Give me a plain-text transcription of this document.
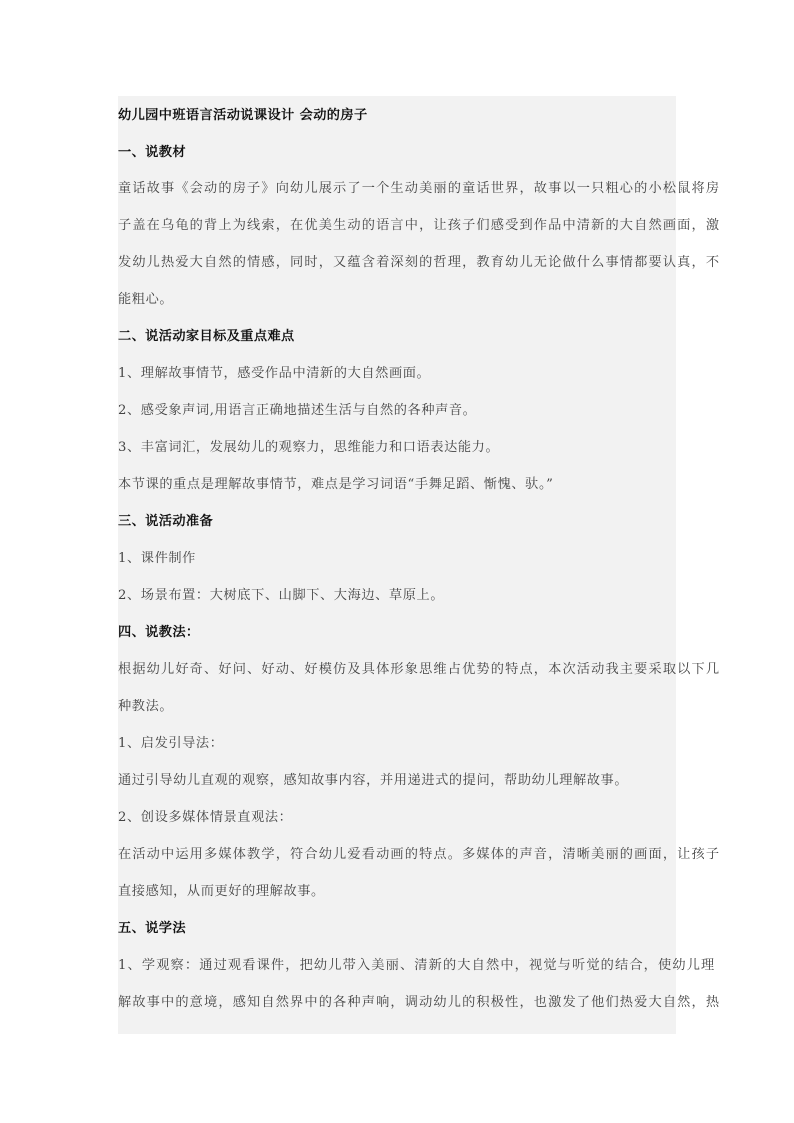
幼儿园中班语言活动说课设计 会动的房子
一、说教材
童话故事《会动的房子》向幼儿展示了一个生动美丽的童话世界，故事以一只粗心的小松鼠将房
子盖在乌龟的背上为线索，在优美生动的语言中，让孩子们感受到作品中清新的大自然画面，激
发幼儿热爱大自然的情感，同时，又蕴含着深刻的哲理，教育幼儿无论做什么事情都要认真，不
能粗心。
二、说活动家目标及重点难点
1、理解故事情节，感受作品中清新的大自然画面。
2、感受象声词,用语言正确地描述生活与自然的各种声音。
3、丰富词汇，发展幼儿的观察力，思维能力和口语表达能力。
本节课的重点是理解故事情节，难点是学习词语“手舞足蹈、惭愧、驮。”
三、说活动准备
1、课件制作
2、场景布置：大树底下、山脚下、大海边、草原上。
四、说教法：
根据幼儿好奇、好问、好动、好模仿及具体形象思维占优势的特点，本次活动我主要采取以下几
种教法。
1、启发引导法：
通过引导幼儿直观的观察，感知故事内容，并用递进式的提问，帮助幼儿理解故事。
2、创设多媒体情景直观法：
在活动中运用多媒体教学，符合幼儿爱看动画的特点。多媒体的声音，清晰美丽的画面，让孩子
直接感知，从而更好的理解故事。
五、说学法
1、学观察：通过观看课件，把幼儿带入美丽、清新的大自然中，视觉与听觉的结合，使幼儿理
解故事中的意境，感知自然界中的各种声响，调动幼儿的积极性，也激发了他们热爱大自然，热
